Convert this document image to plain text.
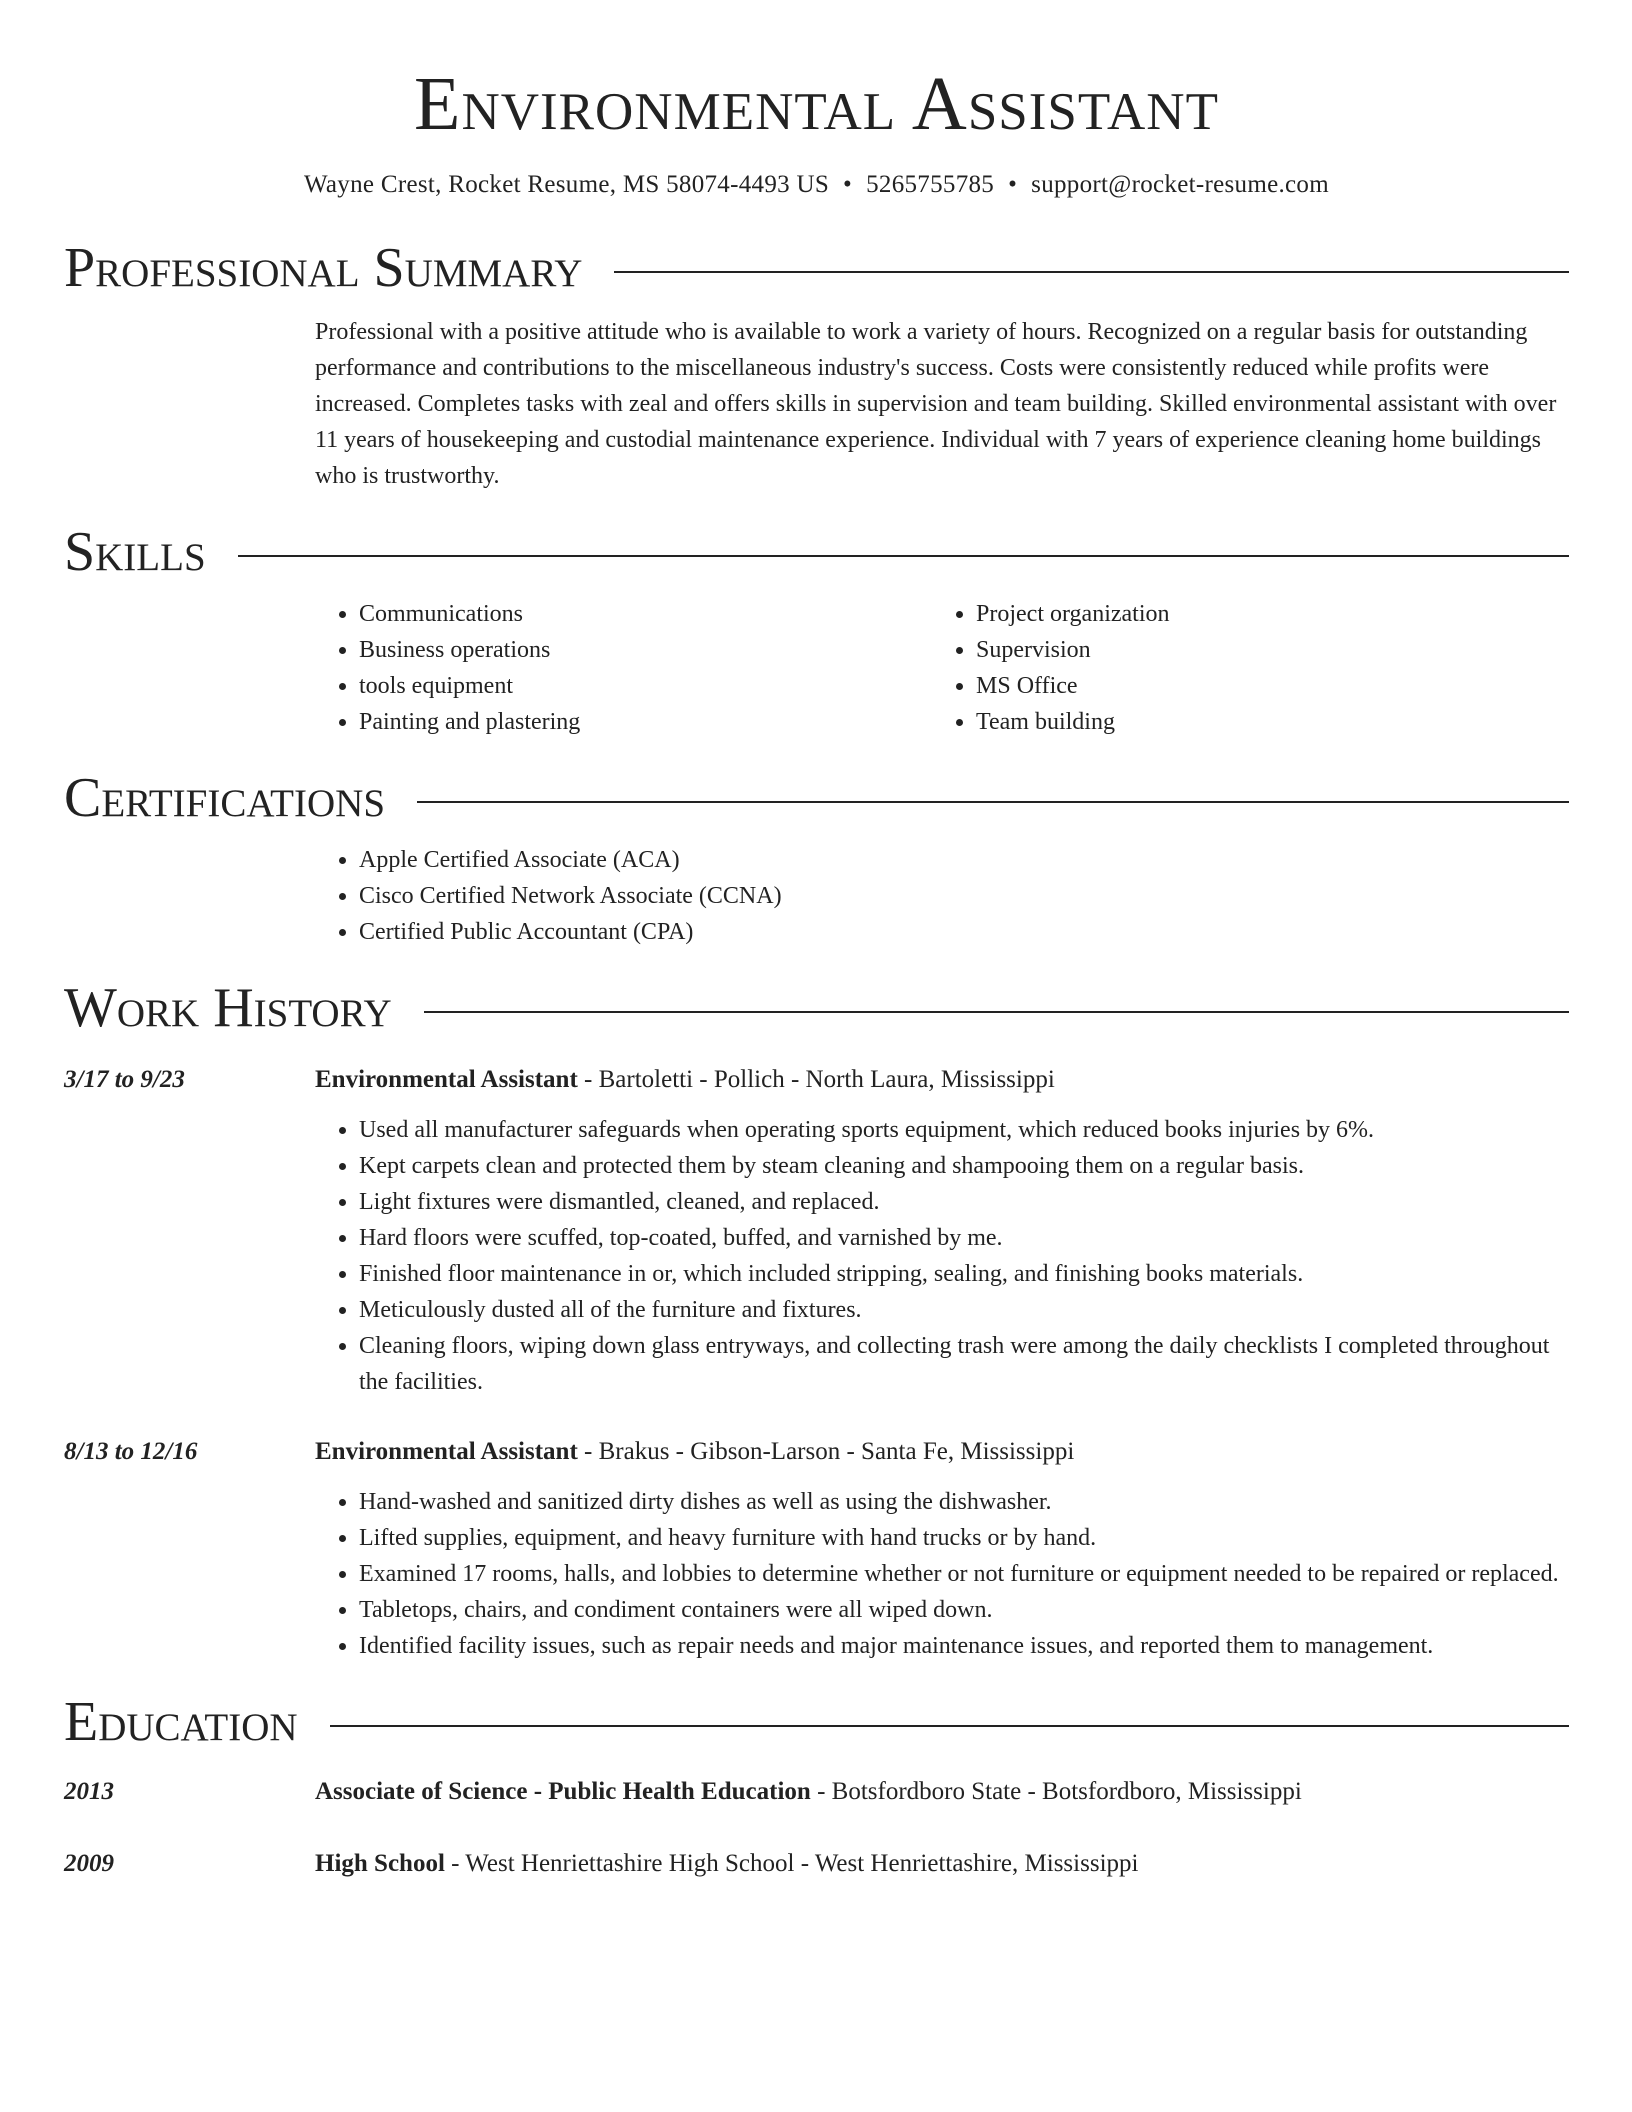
Environmental Assistant
Wayne Crest, Rocket Resume, MS 58074-4493 US • 5265755785 • support@rocket-resume.com
Professional Summary
Professional with a positive attitude who is available to work a variety of hours. Recognized on a regular basis for outstanding performance and contributions to the miscellaneous industry's success. Costs were consistently reduced while profits were increased. Completes tasks with zeal and offers skills in supervision and team building. Skilled environmental assistant with over 11 years of housekeeping and custodial maintenance experience. Individual with 7 years of experience cleaning home buildings who is trustworthy.
Skills
• Communications
• Business operations
• tools equipment
• Painting and plastering
• Project organization
• Supervision
• MS Office
• Team building
Certifications
• Apple Certified Associate (ACA)
• Cisco Certified Network Associate (CCNA)
• Certified Public Accountant (CPA)
Work History
3/17 to 9/23	Environmental Assistant - Bartoletti - Pollich - North Laura, Mississippi
• Used all manufacturer safeguards when operating sports equipment, which reduced books injuries by 6%.
• Kept carpets clean and protected them by steam cleaning and shampooing them on a regular basis.
• Light fixtures were dismantled, cleaned, and replaced.
• Hard floors were scuffed, top-coated, buffed, and varnished by me.
• Finished floor maintenance in or, which included stripping, sealing, and finishing books materials.
• Meticulously dusted all of the furniture and fixtures.
• Cleaning floors, wiping down glass entryways, and collecting trash were among the daily checklists I completed throughout the facilities.
8/13 to 12/16	Environmental Assistant - Brakus - Gibson-Larson - Santa Fe, Mississippi
• Hand-washed and sanitized dirty dishes as well as using the dishwasher.
• Lifted supplies, equipment, and heavy furniture with hand trucks or by hand.
• Examined 17 rooms, halls, and lobbies to determine whether or not furniture or equipment needed to be repaired or replaced.
• Tabletops, chairs, and condiment containers were all wiped down.
• Identified facility issues, such as repair needs and major maintenance issues, and reported them to management.
Education
2013	Associate of Science - Public Health Education - Botsfordboro State - Botsfordboro, Mississippi
2009	High School - West Henriettashire High School - West Henriettashire, Mississippi
